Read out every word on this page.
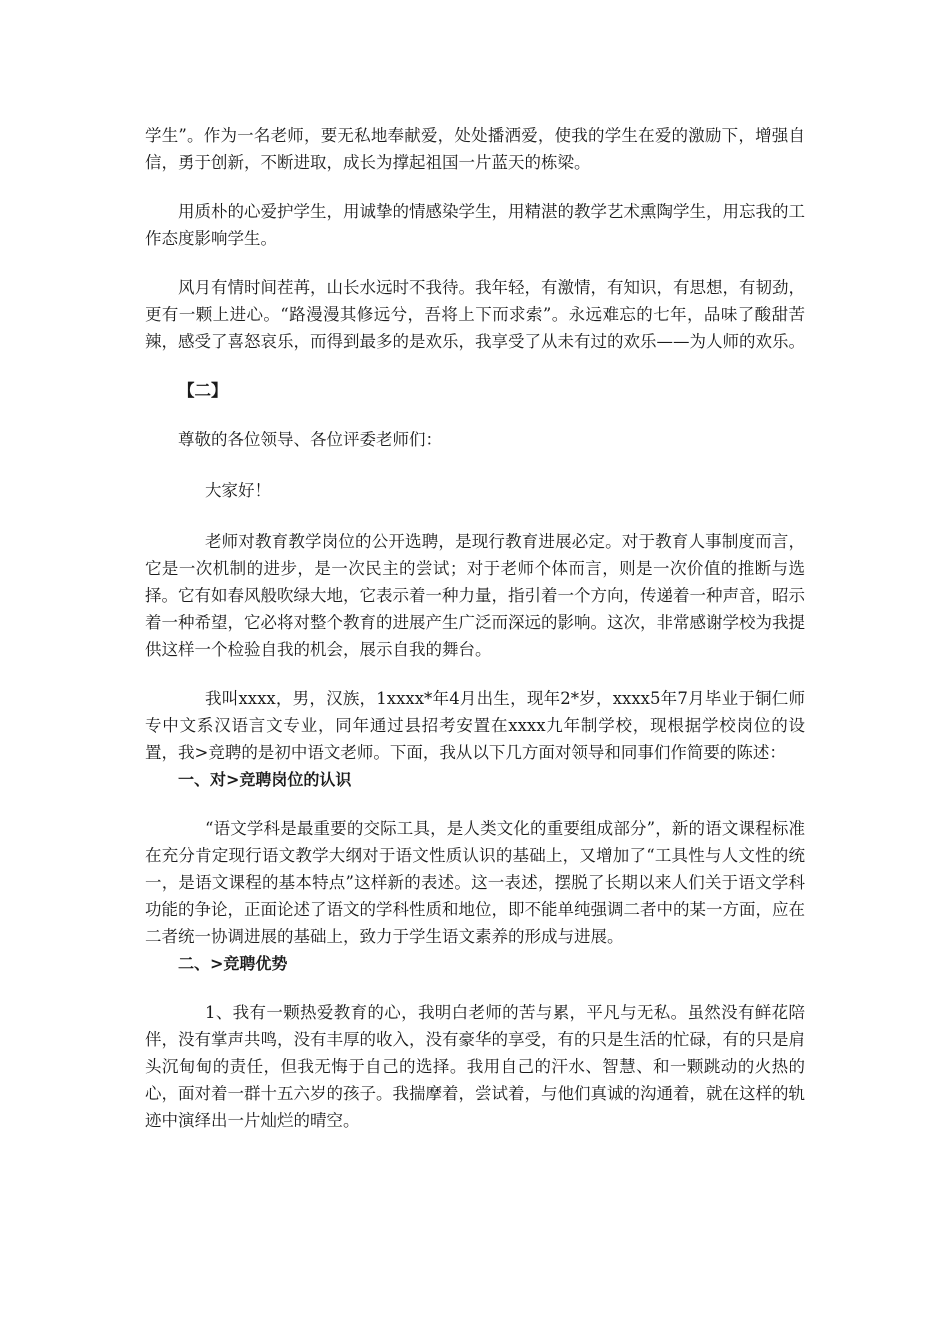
学生”。作为一名老师，要无私地奉献爱，处处播洒爱，使我的学生在爱的激励下，增强自信，勇于创新，不断进取，成长为撑起祖国一片蓝天的栋梁。

用质朴的心爱护学生，用诚挚的情感染学生，用精湛的教学艺术熏陶学生，用忘我的工作态度影响学生。

风月有情时间茬苒，山长水远时不我待。我年轻，有激情，有知识，有思想，有韧劲，更有一颗上进心。“路漫漫其修远兮，吾将上下而求索”。永远难忘的七年，品味了酸甜苦辣，感受了喜怒哀乐，而得到最多的是欢乐，我享受了从未有过的欢乐——为人师的欢乐。

【二】

尊敬的各位领导、各位评委老师们：

大家好！

老师对教育教学岗位的公开选聘，是现行教育进展必定。对于教育人事制度而言，它是一次机制的进步，是一次民主的尝试；对于老师个体而言，则是一次价值的推断与选择。它有如春风般吹绿大地，它表示着一种力量，指引着一个方向，传递着一种声音，昭示着一种希望，它必将对整个教育的进展产生广泛而深远的影响。这次，非常感谢学校为我提供这样一个检验自我的机会，展示自我的舞台。

我叫xxxx，男，汉族，1xxxx*年4月出生，现年2*岁，xxxx5年7月毕业于铜仁师专中文系汉语言文专业，同年通过县招考安置在xxxx九年制学校，现根据学校岗位的设置，我>竞聘的是初中语文老师。下面，我从以下几方面对领导和同事们作简要的陈述：

一、对>竞聘岗位的认识

“语文学科是最重要的交际工具，是人类文化的重要组成部分”，新的语文课程标准在充分肯定现行语文教学大纲对于语文性质认识的基础上，又增加了“工具性与人文性的统一，是语文课程的基本特点”这样新的表述。这一表述，摆脱了长期以来人们关于语文学科功能的争论，正面论述了语文的学科性质和地位，即不能单纯强调二者中的某一方面，应在二者统一协调进展的基础上，致力于学生语文素养的形成与进展。

二、>竞聘优势

1、我有一颗热爱教育的心，我明白老师的苦与累，平凡与无私。虽然没有鲜花陪伴，没有掌声共鸣，没有丰厚的收入，没有豪华的享受，有的只是生活的忙碌，有的只是肩头沉甸甸的责任，但我无悔于自己的选择。我用自己的汗水、智慧、和一颗跳动的火热的心，面对着一群十五六岁的孩子。我揣摩着，尝试着，与他们真诚的沟通着，就在这样的轨迹中演绎出一片灿烂的晴空。
